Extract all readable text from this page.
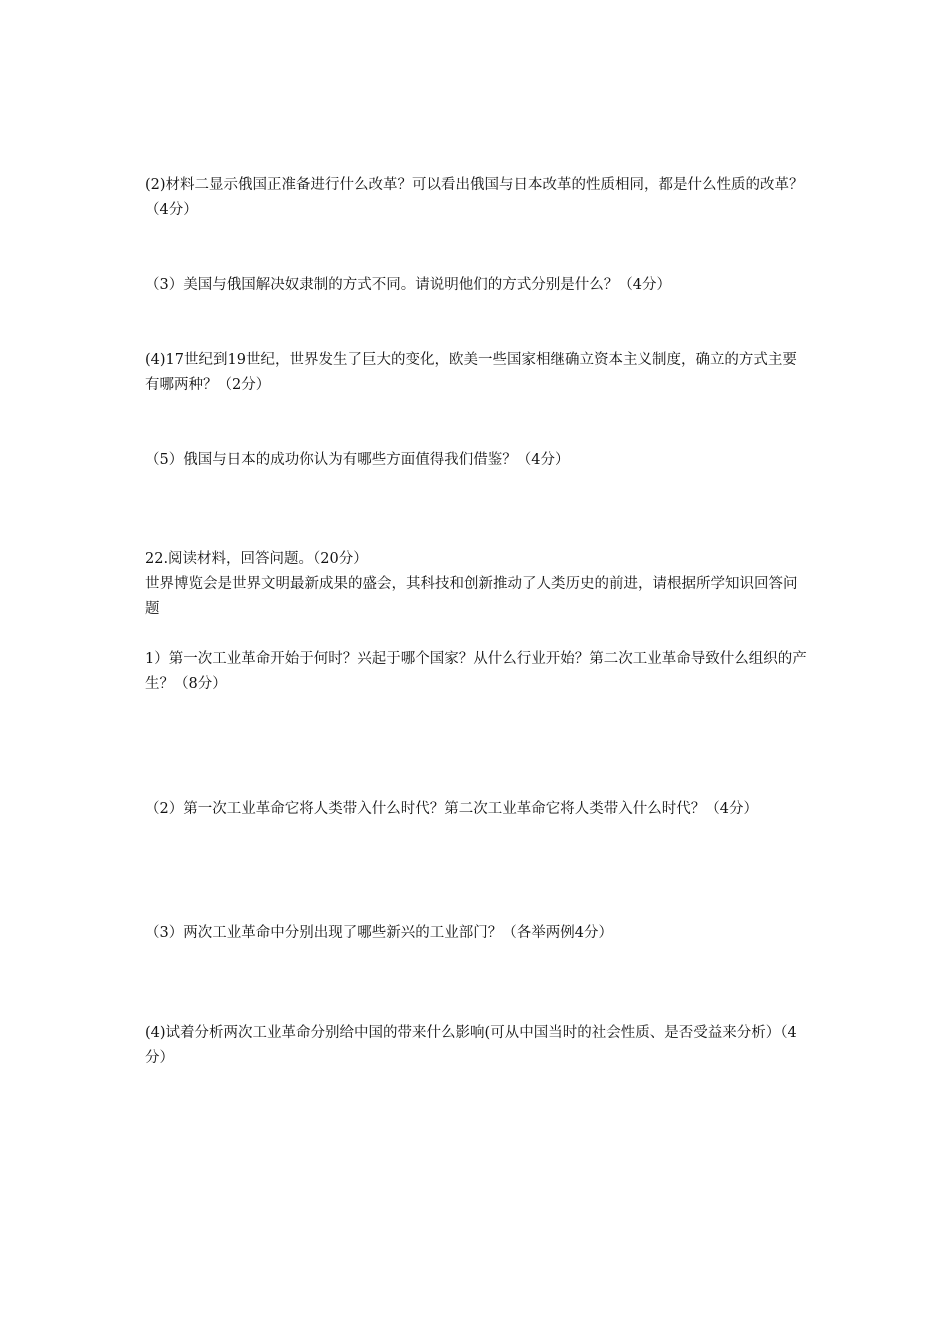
(2)材料二显示俄国正准备进行什么改革？可以看出俄国与日本改革的性质相同，都是什么性质的改革？（4分）

（3）美国与俄国解决奴隶制的方式不同。请说明他们的方式分别是什么？（4分）

(4)17世纪到19世纪，世界发生了巨大的变化，欧美一些国家相继确立资本主义制度，确立的方式主要有哪两种？（2分）

（5）俄国与日本的成功你认为有哪些方面值得我们借鉴？（4分）

22.阅读材料，回答问题。（20分）

世界博览会是世界文明最新成果的盛会，其科技和创新推动了人类历史的前进，请根据所学知识回答问题

1）第一次工业革命开始于何时？兴起于哪个国家？从什么行业开始？第二次工业革命导致什么组织的产生？（8分）

（2）第一次工业革命它将人类带入什么时代？第二次工业革命它将人类带入什么时代？（4分）

（3）两次工业革命中分别出现了哪些新兴的工业部门？（各举两例4分）

(4)试着分析两次工业革命分别给中国的带来什么影响(可从中国当时的社会性质、是否受益来分析）（4分）
